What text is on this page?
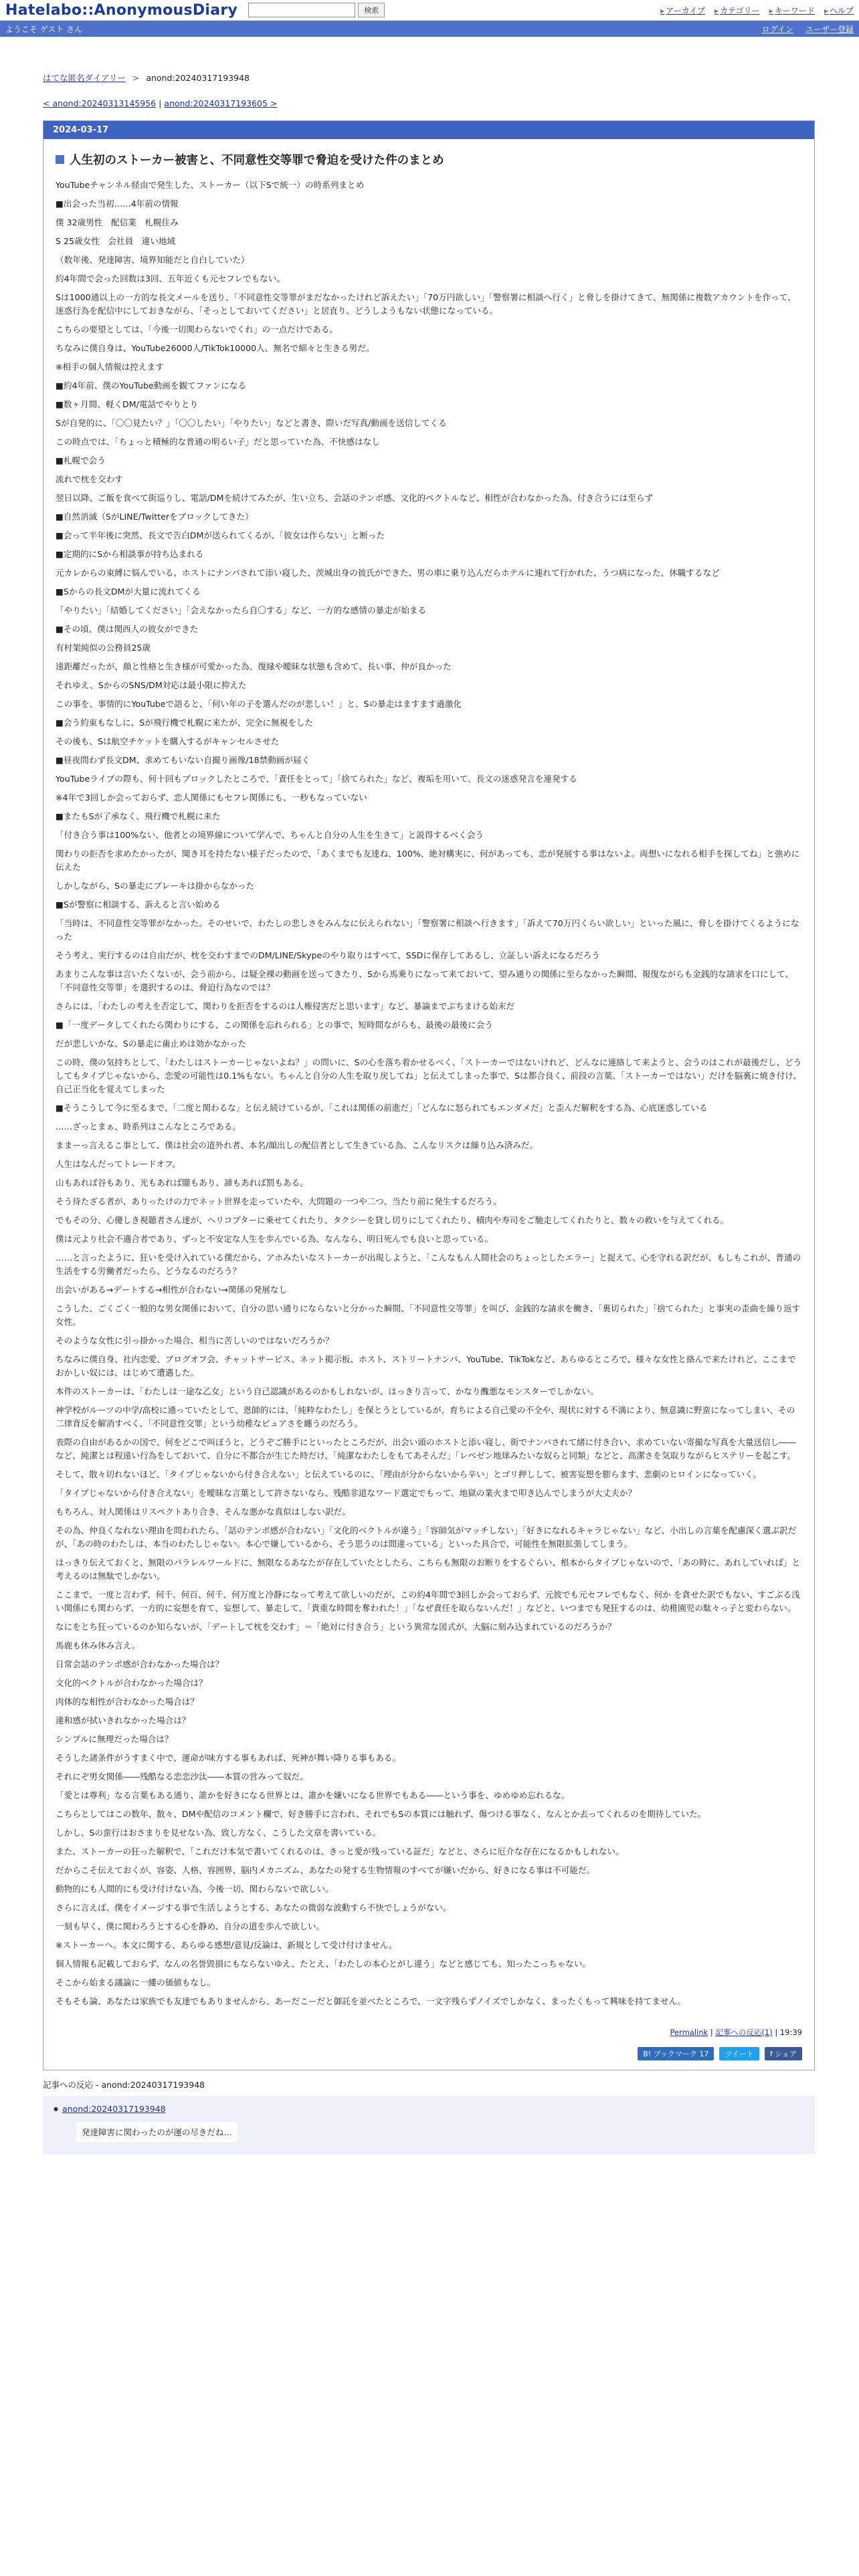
Hatelabo::AnonymousDiary	検索	▶ アーカイブ	▶ カテゴリー	▶ キーワード	▶ ヘルプ
ようこそ ゲスト さん	ログイン ユーザー登録
はてな匿名ダイアリー > anond:20240317193948
< anond:20240313145956 | anond:20240317193605 >
2024-03-17
人生初のストーカー被害と、不同意性交等罪で脅迫を受けた件のまとめ

YouTubeチャンネル経由で発生した、ストーカー（以下Sで統一）の時系列まとめ

■出会った当初……4年前の情報

僕 32歳男性　配信業　札幌住み

S 25歳女性　会社員　違い地域

（数年後、発達障害、境界知能だと自白していた）

約4年間で会った回数は3回、五年近くも元セフレでもない。

Sは1000通以上の一方的な長文メールを送り、「不同意性交等罪がまだなかったけれど訴えたい」「70万円欲しい」「警察署に相談へ行く」と脅しを掛けてきて、無関係に複数アカウントを作って、迷惑行為を配信中にしておきながら、「そっとしておいてください」と居直り、どうしようもない状態になっている。

こちらの要望としては、「今後一切関わらないでくれ」の一点だけである。

ちなみに僕自身は、YouTube26000人/TikTok10000人、無名で細々と生きる男だ。

※相手の個人情報は控えます

■約4年前、僕のYouTube動画を観てファンになる

■数ヶ月間、軽くDM/電話でやりとり

Sが自発的に、「〇〇見たい？」「〇〇したい」「やりたい」などと書き、際いだ写真/動画を送信してくる

この時点では、「ちょっと積極的な普通の明るい子」だと思っていた為、不快感はなし

■札幌で会う

流れで枕を交わす

翌日以降、ご飯を食べて街巡りし、電話/DMを続けてみたが、生い立ち、会話のテンポ感、文化的ベクトルなど、相性が合わなかった為、付き合うには至らず

■自然消滅（SがLINE/Twitterをブロックしてきた）

■会って半年後に突然、長文で告白DMが送られてくるが、「彼女は作らない」と断った

■定期的にSから相談事が持ち込まれる

元カレからの束縛に悩んでいる、ホストにナンパされて添い寝した、茨城出身の彼氏ができた、男の車に乗り込んだらホテルに連れて行かれた、うつ病になった、休職するなど

■Sからの長文DMが大量に流れてくる

「やりたい」「結婚してください」「会えなかったら自〇する」など、一方的な感情の暴走が始まる

■その頃、僕は関西人の彼女ができた

有村架純似の公務員25歳

遠距離だったが、顔と性格と生き様が可愛かった為、復縁や曖昧な状態も含めて、長い事、仲が良かった

それゆえ、SからのSNS/DM対応は最小限に抑えた

この事を、事情的にYouTubeで語ると、「何い年の子を選んだのが悲しい！」と、Sの暴走はますます過激化

■会う約束もなしに、Sが飛行機で札幌に来たが、完全に無視をした

その後も、Sは航空チケットを購入するがキャンセルさせた

■昼夜問わず長文DM、求めてもいない自撮り画像/18禁動画が届く

YouTubeライブの際も、何十回もブロックしたところで、「責任をとって」「捨てられた」など、複垢を用いて、長文の迷惑発言を連発する

※4年で3回しか会っておらず、恋人関係にもセフレ関係にも、一秒もなっていない

■またもSが了承なく、飛行機で札幌に来た

「付き合う事は100%ない、他者との境界線について学んで、ちゃんと自分の人生を生きて」と説得するべく会う

関わりの拒否を求めたかったが、聞き耳を持たない様子だったので、「あくまでも友達ね、100%、絶対構実に、何があっても、恋が発展する事はないよ。両想いになれる相手を探してね」と強めに伝えた

しかしながら、Sの暴走にブレーキは掛からなかった

■Sが警察に相談する、訴えると言い始める

「当時は、不同意性交等罪がなかった。そのせいで、わたしの悲しさをみんなに伝えられない」「警察署に相談へ行きます」「訴えて70万円くらい欲しい」といった風に、脅しを掛けてくるようになった

そう考え、実行するのは自由だが、枕を交わすまでのDM/LINE/Skypeのやり取りはすべて、SSDに保存してあるし、立証しい訴えになるだろう

あまりこんな事は言いたくないが、会う前から、は疑全裸の動画を送ってきたり、Sから馬乗りになって来ておいて、望み通りの関係に至らなかった瞬間、報復ながらも金銭的な請求を口にして、「不同意性交等罪」を選択するのは、脅迫行為なのでは？

さらには、「わたしの考えを否定して、関わりを拒否をするのは人権侵害だと思います」など、暴論までぶちまける始末だ

■「一度データしてくれたら関わりにする、この関係を忘れられる」との事で、短時間ながらも、最後の最後に会う

だが悲しいかな、Sの暴走に歯止めは効かなかった

この時、僕の気持ちとして、「わたしはストーカーじゃないよね？」の問いに、Sの心を落ち着かせるべく、「ストーカーではないけれど、どんなに連絡して来ようと、会うのはこれが最後だし、どうしてもタイプじゃないから、恋愛の可能性は0.1%もない。ちゃんと自分の人生を取り戻してね」と伝えてしまった事で、Sは都合良く、前段の言葉、「ストーカーではない」だけを脳裏に焼き付け、自己正当化を覚えてしまった

■そうこうして今に至るまで、「二度と関わるな」と伝え続けているが、「これは関係の前進だ」「どんなに怒られてもエンダメだ」と歪んだ解釈をする為、心底迷惑している

……ざっとまぁ、時系列はこんなところである。

ままーっ言えるこ事として、僕は社会の道外れ者、本名/顔出しの配信者として生きている為、こんなリスクは繰り込み済みだ。

人生はなんだってトレードオフ。

山もあれば谷もあり、光もあれば闇もあり、諦もあれば罰もある。

そう待たざる者が、ありったけの力でネット世界を走っていたや、大問題の一つや二つ、当たり前に発生するだろう。

でもその分、心優しき視聴者さん達が、ヘリコプターに乗せてくれたり、タクシーを貸し切りにしてくれたり、積肉や寿司をご馳走してくれたりと、数々の救いを与えてくれる。

僕は元より社会不適合者であり、ずっと不安定な人生を歩んでいる為、なんなら、明日死んでも良いと思っている。

……と言ったように、狂いを受け入れている僕だから、アホみたいなストーカーが出現しようと、「こんなもん人間社会のちょっとしたエラー」と捉えて、心を守れる訳だが、もしもこれが、普通の生活をする労働者だったら、どうなるのだろう？

出会いがある→デートする→相性が合わない→関係の発展なし

こうした、ごくごく一般的な男女関係において、自分の思い通りにならないと分かった瞬間、「不同意性交等罪」を叫び、金銭的な請求を働き、「裏切られた」「捨てられた」と事実の歪曲を繰り返す女性。

そのような女性に引っ掛かった場合、相当に苦しいのではないだろうか？

ちなみに僕自身、社内恋愛、ブログオフ会、チャットサービス、ネット掲示板、ホスト、ストリートナンパ、YouTube、TikTokなど、あらゆるところで、様々な女性と絡んで来たけれど、ここまでおかしい奴には、はじめて遭遇した。

本件のストーカーは、「わたしは一途な乙女」という自己認識があるのかもしれないが、はっきり言って、かなり醜悪なモンスターでしかない。

神学校がルーツの中学/高校に通っていたとして、恩師的には、「純粋なわたし」を保とうとしているが、育ちによる自己愛の不全や、現状に対する不満により、無意識に野蛮になってしまい、その二律背反を解消すべく、「不同意性交罪」という幼稚なピュアさを纏うのだろう。

表際の自由があるかの国で、何をどこで叫ぼうと、どうぞご勝手にといったところだが、出会い頭のホストと添い寝し、街でナンパされて緒に付き合い、求めていない寄撮な写真を大量送信し――など、純潔とは程遠い行為をしておいて、自分に不都合が生じた時だけ、「純潔なわたしをもてあそんだ」「レベゼン地球みたいな奴らと同類」などと、高潔さを気取りながらヒステリーを起こす。

そして、散々切れないほど、「タイプじゃないから付き合えない」と伝えているのに、「理由が分からないから辛い」とゴリ押しして、被害妄想を膨らます、悲劇のヒロインになっていく。

「タイプじゃないから付き合えない」を曖昧な言葉として許さないなら、残酷非道なワード選定でもって、地獄の業火まで叩き込んでしまうが大丈夫か？

もちろん、対人関係はリスペクトあり合き、そんな悪かな真似はしない訳だ。

その為、仲良くなれない理由を問われたら、「話のテンポ感が合わない」「文化的ベクトルが違う」「容師気がマッチしない」「好きになれるキャラじゃない」など、小出しの言葉を配慮深く選ぶ訳だが、「あの時のわたしは、本当のわたしじゃない。本心で嫌しているから、そう思うのは間違っている」といった具合で、可能性を無限拡張してしまう。

はっきり伝えておくと、無限のパラレルワールドに、無限なるあなたが存在していたとしたら、こちらも無限のお断りをするぐらい、根本からタイプじゃないので、「あの時に、あれしていれば」と考えるのは無駄でしかない。

ここまで、一度と言わず、何千、何百、何千、何万度と冷静になって考えて欲しいのだが、この約4年間で3回しか会っておらず、元彼でも元セフレでもなく、何か を貪せた訳でもない、すごぶる浅い関係にも関わらず、一方的に妄想を育て、妄想して、暴走して、「貴重な時間を奪われた！」「なぜ責任を取らないんだ！」などと、いつまでも発狂するのは、幼稚園児の駄々っ子と変わらない。

なにをとち狂っているのか知らないが、「デートして枕を交わす」＝「絶対に付き合う」という異常な図式が、大脳に刻み込まれているのだろうか？

馬鹿も休み休み言え。

日常会話のテンポ感が合わなかった場合は？

文化的ベクトルが合わなかった場合は？

肉体的な相性が合わなかった場合は？

違和感が拭いきれなかった場合は？

シンプルに無理だった場合は？

そうした諸条件がうすまく中で、運命が味方する事もあれば、死神が舞い降りる事もある。

それにぞ男女関係――残酷なる恋恋沙汰――本質の営みって奴だ。

「愛とは尊利」なる言葉もある通り、誰かを好きになる世界とは、誰かを嫌いになる世界でもある――という事を、ゆめゆめ忘れるな。

こちらとしてはこの数年、散々、DMや配信のコメント欄で、好き勝手に言われ、それでもSの本質には触れず、傷つける事なく、なんとか去ってくれるのを期待していた。

しかし、Sの蛮行はおさまりを見せない為、致し方なく、こうした文章を書いている。

また、ストーカーの狂った解釈で、「これだけ本気で書いてくれるのは、きっと愛が残っている証だ」などと、さらに厄介な存在になるかもしれない。

だからこそ伝えておくが、容姿、人格、容囲界、脳内メカニズム、あなたの発する生物情報のすべてが嫌いだから、好きになる事は不可能だ。

動物的にも人間的にも受け付けない為、今後一切、関わらないで欲しい。

さらに言えば、僕をイメージする事で生活しようとする、あなたの微弱な波動すら不快でしょうがない。

一刻も早く、僕に関わろうとする心を静め、自分の道を歩んで欲しい。

※ストーカーへ。本文に関する、あらゆる感想/意見/反論は、新規として受け付けません。

個人情報も記載しておらず、なんの名誉毀損にもならないゆえ、たとえ、「わたしの本心とがし違う」などと感じても、知ったこっちゃない。

そこから始まる議論に一縷の価値もなし。

そもそも論、あなたは家族でも友達でもありませんから、あーだこーだと御託を並べたところで、一文字残らずノイズでしかなく、まったくもって興味を持てません。

Permalink | 記事への反応(1) | 19:39
B! ブックマーク 17	ツイート	f シェア
記事への反応 - anond:20240317193948
● anond:20240317193948
発達障害に関わったのが運の尽きだね…
